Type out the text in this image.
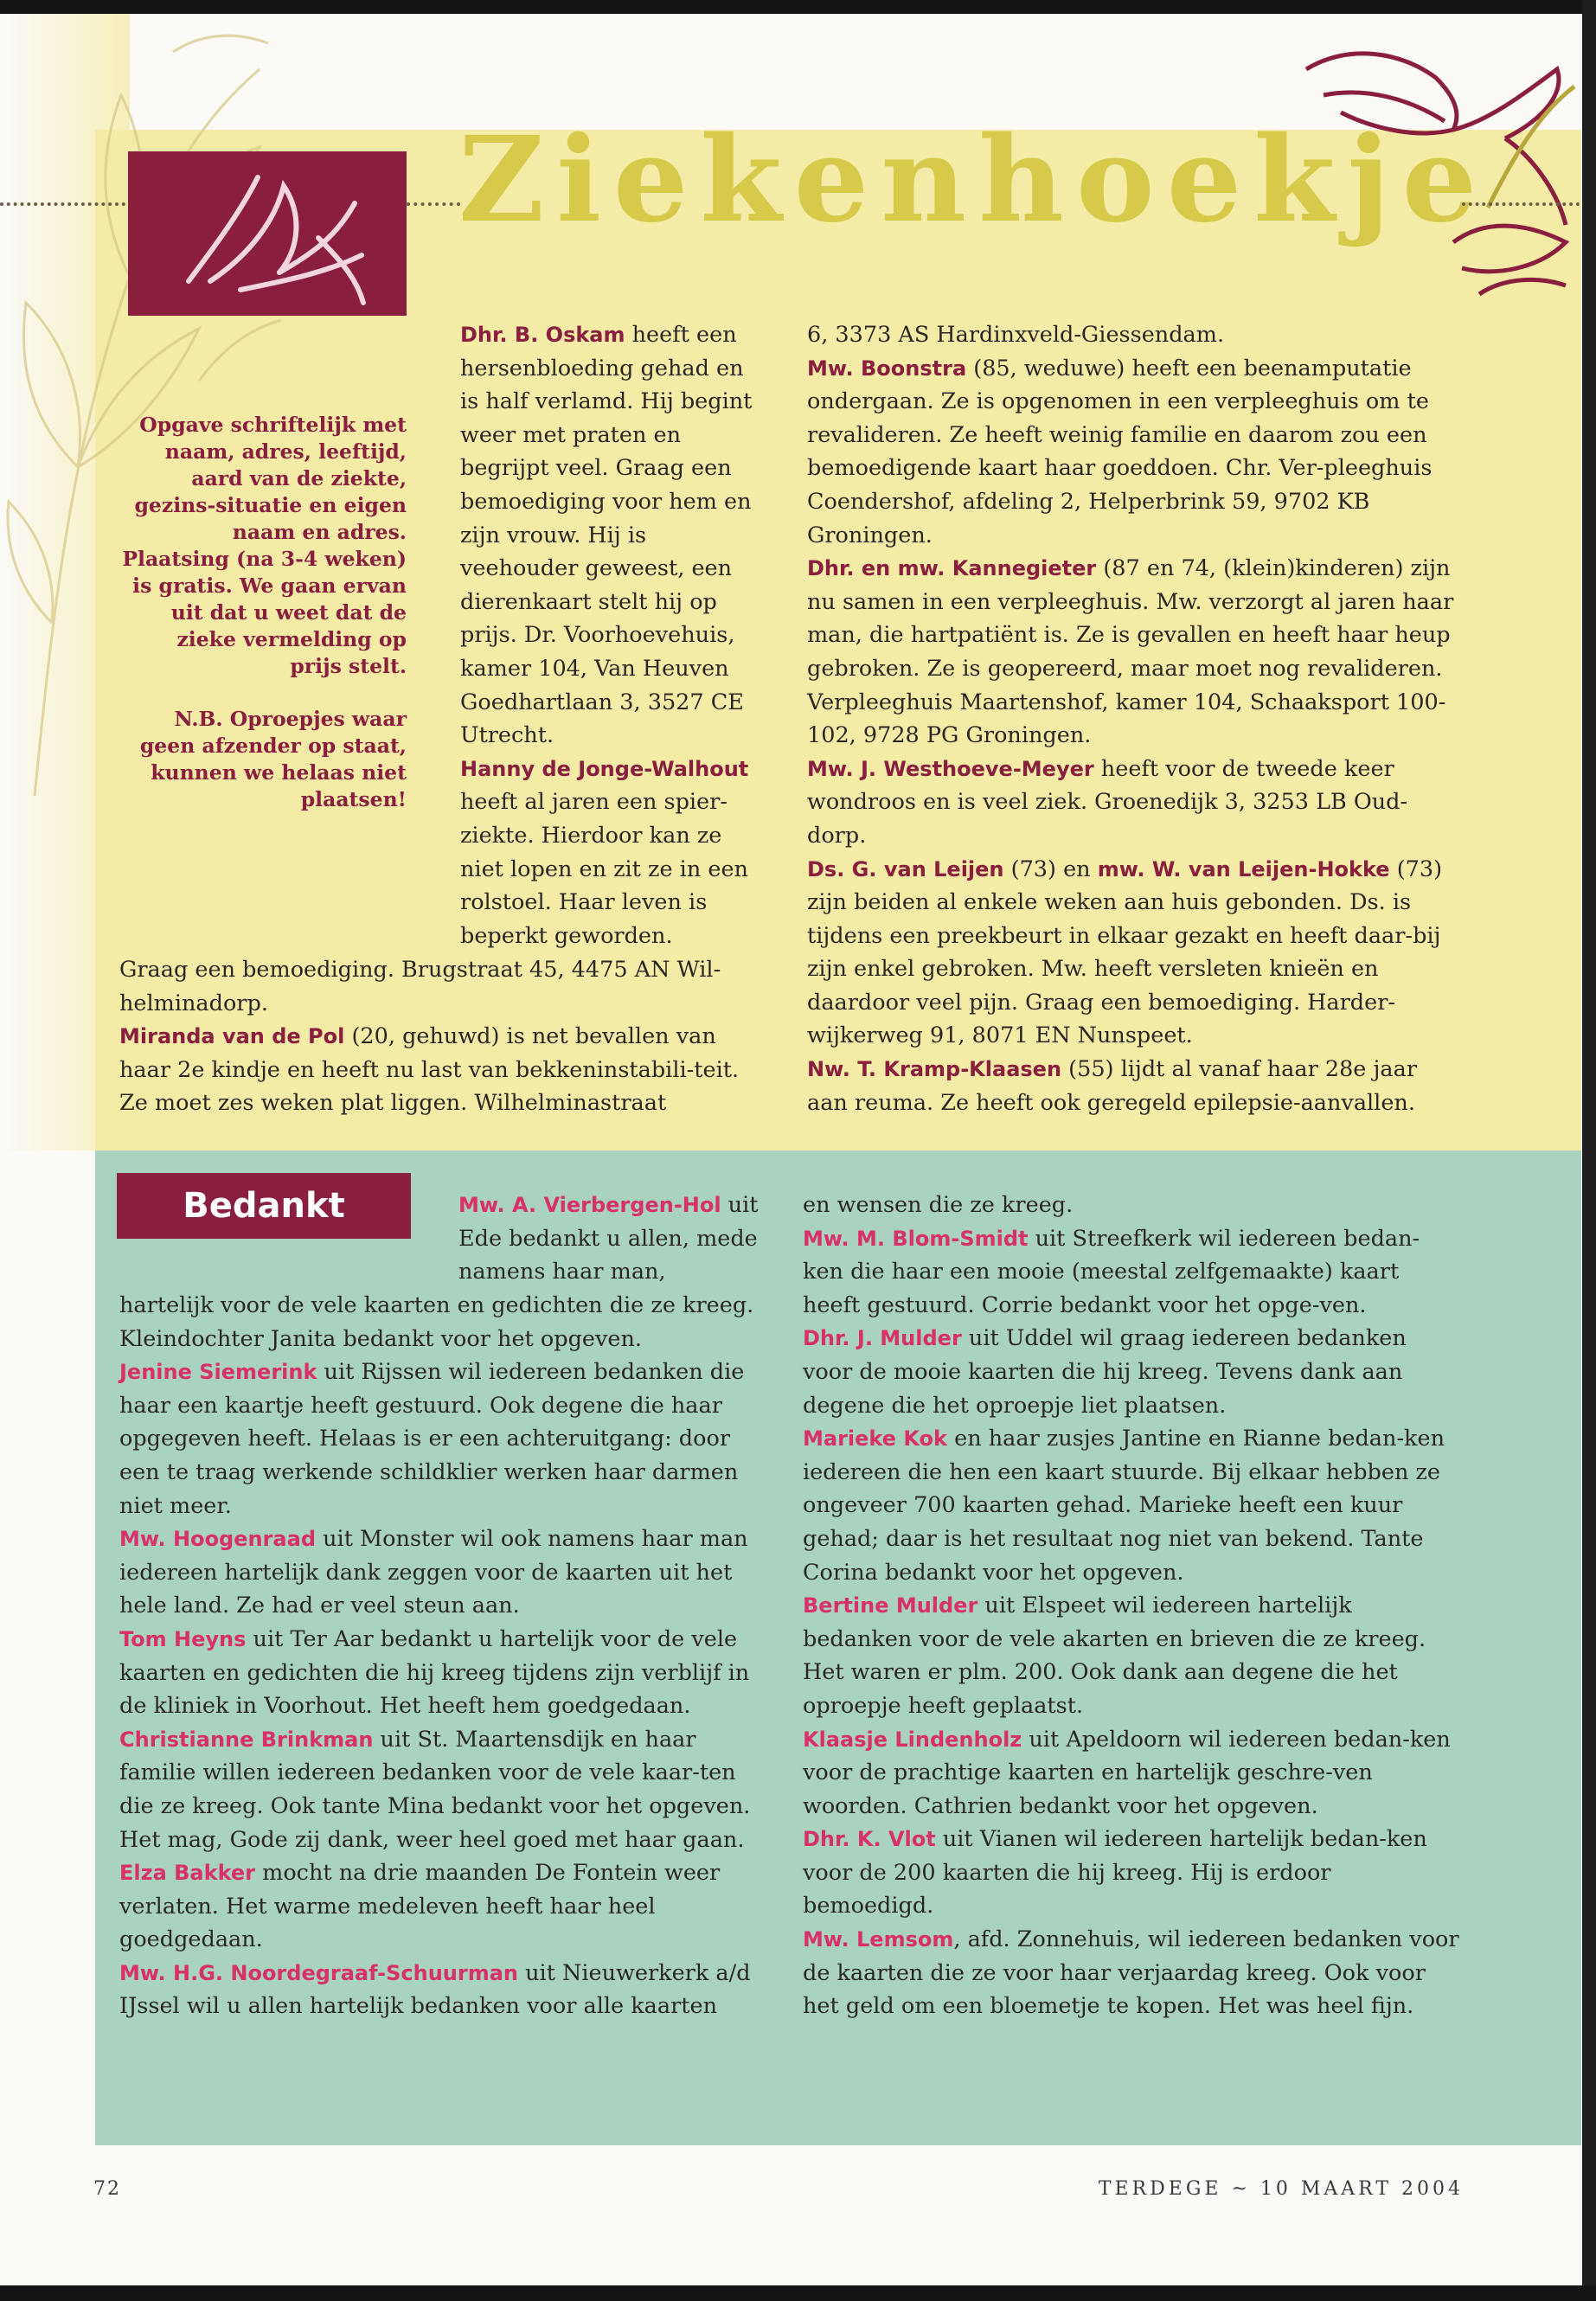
Ziekenhoekje

Opgave schriftelijk met naam, adres, leeftijd, aard van de ziekte, gezins-situatie en eigen naam en adres. Plaatsing (na 3-4 weken) is gratis. We gaan ervan uit dat u weet dat de zieke vermelding op prijs stelt.

N.B. Oproepjes waar geen afzender op staat, kunnen we helaas niet plaatsen!

Dhr. B. Oskam heeft een hersenbloeding gehad en is half verlamd. Hij begint weer met praten en begrijpt veel. Graag een bemoediging voor hem en zijn vrouw. Hij is veehouder geweest, een dierenkaart stelt hij op prijs. Dr. Voorhoevehuis, kamer 104, Van Heuven Goedhartlaan 3, 3527 CE Utrecht.

Hanny de Jonge-Walhout heeft al jaren een spier-ziekte. Hierdoor kan ze niet lopen en zit ze in een rolstoel. Haar leven is beperkt geworden.

Graag een bemoediging. Brugstraat 45, 4475 AN Wil-helminadorp.

Miranda van de Pol (20, gehuwd) is net bevallen van haar 2e kindje en heeft nu last van bekkeninstabili-teit. Ze moet zes weken plat liggen. Wilhelminastraat

6, 3373 AS Hardinxveld-Giessendam.

Mw. Boonstra (85, weduwe) heeft een beenamputatie ondergaan. Ze is opgenomen in een verpleeghuis om te revalideren. Ze heeft weinig familie en daarom zou een bemoedigende kaart haar goeddoen. Chr. Ver-pleeghuis Coendershof, afdeling 2, Helperbrink 59, 9702 KB Groningen.

Dhr. en mw. Kannegieter (87 en 74, (klein)kinderen) zijn nu samen in een verpleeghuis. Mw. verzorgt al jaren haar man, die hartpatiënt is. Ze is gevallen en heeft haar heup gebroken. Ze is geopereerd, maar moet nog revalideren. Verpleeghuis Maartenshof, kamer 104, Schaaksport 100-102, 9728 PG Groningen.

Mw. J. Westhoeve-Meyer heeft voor de tweede keer wondroos en is veel ziek. Groenedijk 3, 3253 LB Oud-dorp.

Ds. G. van Leijen (73) en mw. W. van Leijen-Hokke (73) zijn beiden al enkele weken aan huis gebonden. Ds. is tijdens een preekbeurt in elkaar gezakt en heeft daar-bij zijn enkel gebroken. Mw. heeft versleten knieën en daardoor veel pijn. Graag een bemoediging. Harder-wijkerweg 91, 8071 EN Nunspeet.

Nw. T. Kramp-Klaasen (55) lijdt al vanaf haar 28e jaar aan reuma. Ze heeft ook geregeld epilepsie-aanvallen.

Bedankt	Mw. A. Vierbergen-Hol uit Ede bedankt u allen, mede namens haar man,

hartelijk voor de vele kaarten en gedichten die ze kreeg. Kleindochter Janita bedankt voor het opgeven.

Jenine Siemerink uit Rijssen wil iedereen bedanken die haar een kaartje heeft gestuurd. Ook degene die haar opgegeven heeft. Helaas is er een achteruitgang: door een te traag werkende schildklier werken haar darmen niet meer.

Mw. Hoogenraad uit Monster wil ook namens haar man iedereen hartelijk dank zeggen voor de kaarten uit het hele land. Ze had er veel steun aan.

Tom Heyns uit Ter Aar bedankt u hartelijk voor de vele kaarten en gedichten die hij kreeg tijdens zijn verblijf in de kliniek in Voorhout. Het heeft hem goedgedaan.

Christianne Brinkman uit St. Maartensdijk en haar familie willen iedereen bedanken voor de vele kaar-ten die ze kreeg. Ook tante Mina bedankt voor het opgeven. Het mag, Gode zij dank, weer heel goed met haar gaan.

Elza Bakker mocht na drie maanden De Fontein weer verlaten. Het warme medeleven heeft haar heel goedgedaan.

Mw. H.G. Noordegraaf-Schuurman uit Nieuwerkerk a/d IJssel wil u allen hartelijk bedanken voor alle kaarten

en wensen die ze kreeg.

Mw. M. Blom-Smidt uit Streefkerk wil iedereen bedan-ken die haar een mooie (meestal zelfgemaakte) kaart heeft gestuurd. Corrie bedankt voor het opge-ven.

Dhr. J. Mulder uit Uddel wil graag iedereen bedanken voor de mooie kaarten die hij kreeg. Tevens dank aan degene die het oproepje liet plaatsen.

Marieke Kok en haar zusjes Jantine en Rianne bedan-ken iedereen die hen een kaart stuurde. Bij elkaar hebben ze ongeveer 700 kaarten gehad. Marieke heeft een kuur gehad; daar is het resultaat nog niet van bekend. Tante Corina bedankt voor het opgeven.

Bertine Mulder uit Elspeet wil iedereen hartelijk bedanken voor de vele akarten en brieven die ze kreeg. Het waren er plm. 200. Ook dank aan degene die het oproepje heeft geplaatst.

Klaasje Lindenholz uit Apeldoorn wil iedereen bedan-ken voor de prachtige kaarten en hartelijk geschre-ven woorden. Cathrien bedankt voor het opgeven.

Dhr. K. Vlot uit Vianen wil iedereen hartelijk bedan-ken voor de 200 kaarten die hij kreeg. Hij is erdoor bemoedigd.

Mw. Lemsom, afd. Zonnehuis, wil iedereen bedanken voor de kaarten die ze voor haar verjaardag kreeg. Ook voor het geld om een bloemetje te kopen. Het was heel fijn.

72	TERDEGE ~ 10 MAART 2004
